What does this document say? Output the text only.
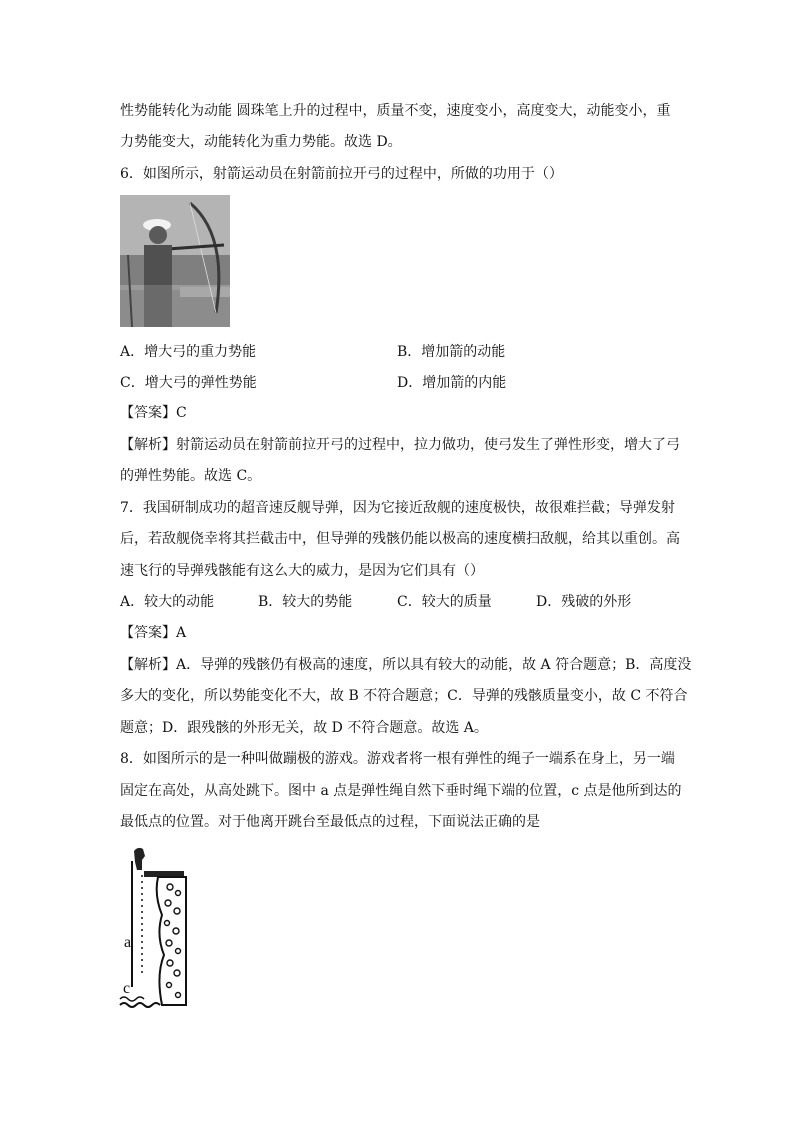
性势能转化为动能 圆珠笔上升的过程中，质量不变，速度变小，高度变大，动能变小，重
力势能变大，动能转化为重力势能。故选 D。
6．如图所示，射箭运动员在射箭前拉开弓的过程中，所做的功用于（）
A．增大弓的重力势能	B．增加箭的动能
C．增大弓的弹性势能	D．增加箭的内能
【答案】C
【解析】射箭运动员在射箭前拉开弓的过程中，拉力做功，使弓发生了弹性形变，增大了弓
的弹性势能。故选 C。
7．我国研制成功的超音速反舰导弹，因为它接近敌舰的速度极快，故很难拦截；导弹发射
后，若敌舰侥幸将其拦截击中，但导弹的残骸仍能以极高的速度横扫敌舰，给其以重创。高
速飞行的导弹残骸能有这么大的威力，是因为它们具有（）
A．较大的动能	B．较大的势能	C．较大的质量	D．残破的外形
【答案】A
【解析】A．导弹的残骸仍有极高的速度，所以具有较大的动能，故 A 符合题意；B．高度没
多大的变化，所以势能变化不大，故 B 不符合题意；C．导弹的残骸质量变小，故 C 不符合
题意；D．跟残骸的外形无关，故 D 不符合题意。故选 A。
8．如图所示的是一种叫做蹦极的游戏。游戏者将一根有弹性的绳子一端系在身上，另一端
固定在高处，从高处跳下。图中 a 点是弹性绳自然下垂时绳下端的位置，c 点是他所到达的
最低点的位置。对于他离开跳台至最低点的过程，下面说法正确的是
a
c
